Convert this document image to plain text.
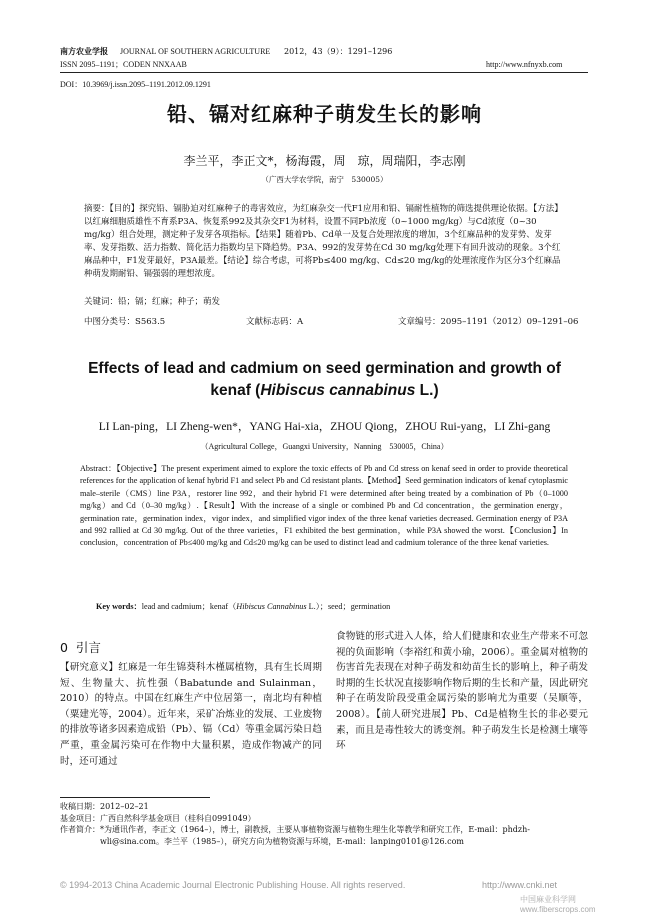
南方农业学报 JOURNAL OF SOUTHERN AGRICULTURE 2012，43（9）：1291–1296
ISSN 2095–1191；CODEN NNXAAB	http://www.nfnyxb.com
DOI：10.3969/j.issn.2095–1191.2012.09.1291
铅、镉对红麻种子萌发生长的影响
李兰平，李正文*，杨海霞，周　琼，周瑞阳，李志刚
（广西大学农学院，南宁　530005）
摘要：【目的】探究铅、镉胁迫对红麻种子的毒害效应，为红麻杂交一代F1应用和铅、镉耐性植物的筛选提供理论依据。【方法】以红麻细胞质雄性不育系P3A、恢复系992及其杂交F1为材料，设置不同Pb浓度（0~1000 mg/kg）与Cd浓度（0~30 mg/kg）组合处理，测定种子发芽各项指标。【结果】随着Pb、Cd单一及复合处理浓度的增加，3个红麻品种的发芽势、发芽率、发芽指数、活力指数、简化活力指数均呈下降趋势。P3A、992的发芽势在Cd 30 mg/kg处理下有回升波动的现象。3个红麻品种中，F1发芽最好，P3A最差。【结论】综合考虑，可将Pb≤400 mg/kg、Cd≤20 mg/kg的处理浓度作为区分3个红麻品种萌发期耐铅、镉强弱的理想浓度。
关键词：铅；镉；红麻；种子；萌发
中图分类号：S563.5	文献标志码：A	文章编号：2095–1191（2012）09–1291–06
Effects of lead and cadmium on seed germination and growth of
kenaf (Hibiscus cannabinus L.)
LI Lan-ping，LI Zheng-wen*，YANG Hai-xia，ZHOU Qiong，ZHOU Rui-yang，LI Zhi-gang
（Agricultural College，Guangxi University，Nanning　530005，China）
Abstract：【Objective】The present experiment aimed to explore the toxic effects of Pb and Cd stress on kenaf seed in order to provide theoretical references for the application of kenaf hybrid F1 and select Pb and Cd resistant plants.【Method】Seed germination indicators of kenaf cytoplasmic male–sterile（CMS）line P3A，restorer line 992，and their hybrid F1 were determined after being treated by a combination of Pb（0–1000 mg/kg）and Cd（0–30 mg/kg）.【Result】With the increase of a single or combined Pb and Cd concentration，the germination energy，germination rate，germination index，vigor index，and simplified vigor index of the three kenaf varieties decreased. Germination energy of P3A and 992 rallied at Cd 30 mg/kg. Out of the three varieties，F1 exhibited the best germination，while P3A showed the worst.【Conclusion】In conclusion，concentration of Pb≤400 mg/kg and Cd≤20 mg/kg can be used to distinct lead and cadmium tolerance of the three kenaf varieties.
Key words：lead and cadmium；kenaf（Hibiscus Cannabinus L.）；seed；germination
0 引言
【研究意义】红麻是一年生锦葵科木槿属植物，具有生长周期短、生物量大、抗性强（Babatunde and Sulainman，2010）的特点。中国在红麻生产中位居第一，南北均有种植（粟建光等，2004）。近年来，采矿冶炼业的发展、工业废物的排放等诸多因素造成铅（Pb）、镉（Cd）等重金属污染日趋严重，重金属污染可在作物中大量积累，造成作物减产的同时，还可通过
食物链的形式进入人体，给人们健康和农业生产带来不可忽视的负面影响（李裕红和黄小瑜，2006）。重金属对植物的伤害首先表现在对种子萌发和幼苗生长的影响上，种子萌发时期的生长状况直接影响作物后期的生长和产量，因此研究种子在萌发阶段受重金属污染的影响尤为重要（吴顺等，2008）。【前人研究进展】Pb、Cd是植物生长的非必要元素，而且是毒性较大的诱变剂。种子萌发生长是检测土壤等环

收稿日期：2012–02–21

基金项目：广西自然科学基金项目（桂科自0991049）

作者简介：*为通讯作者，李正文（1964–），博士，副教授，主要从事植物资源与植物生理生化等教学和研究工作，E-mail：phdzh-

wli@sina.com。李兰平（1985–），研究方向为植物资源与环境，E-mail：lanping0101@126.com

© 1994-2013 China Academic Journal Electronic Publishing House. All rights reserved.	http://www.cnki.net
中国麻业科学网 www.fiberscrops.com
